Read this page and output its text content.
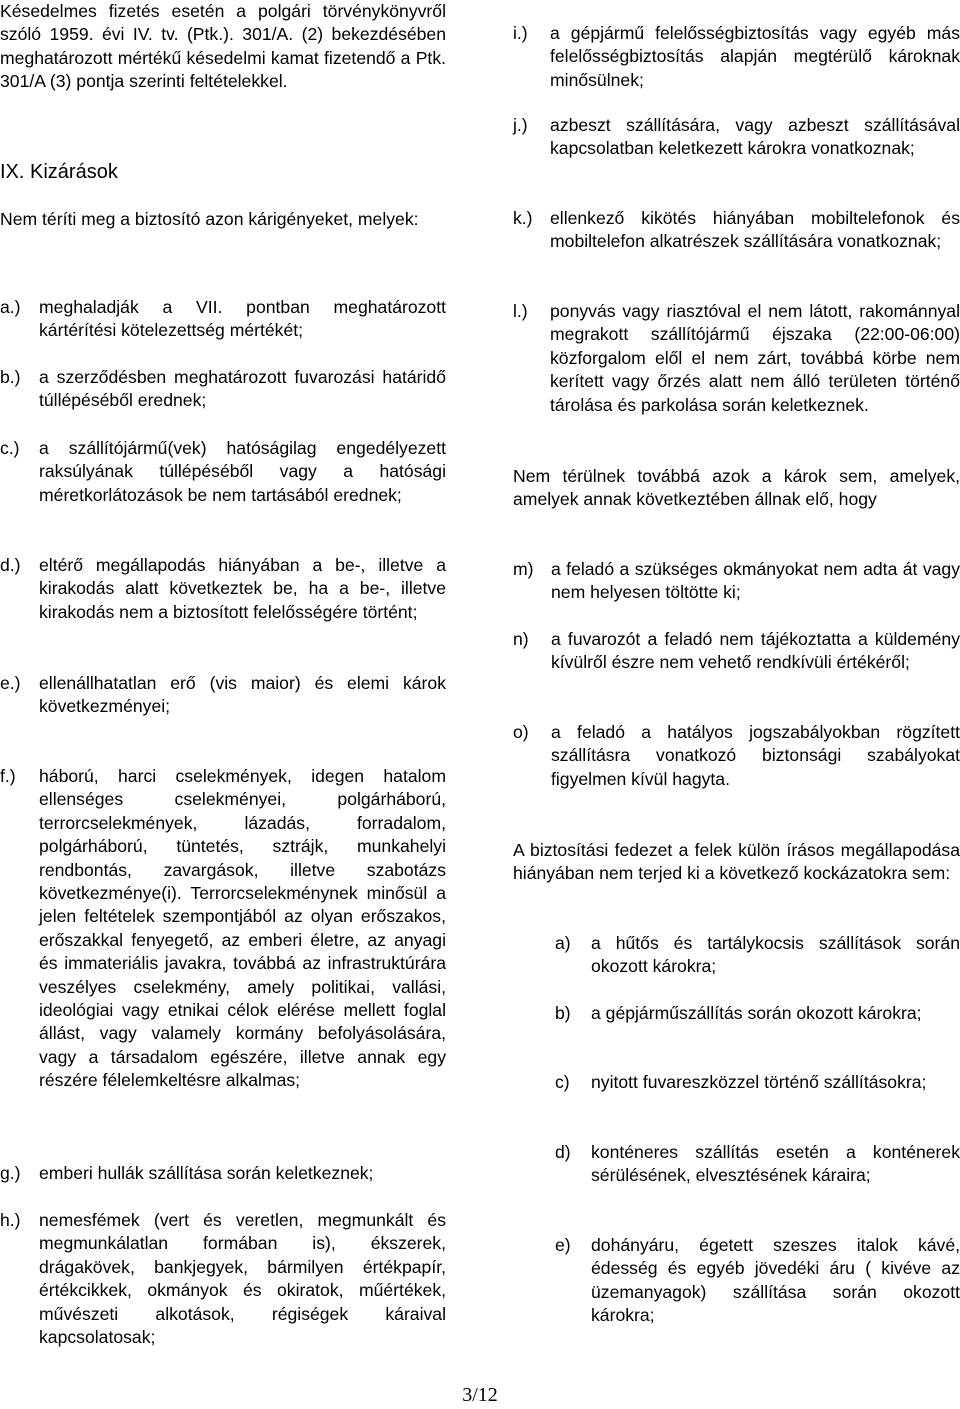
Késedelmes fizetés esetén a polgári törvénykönyvről szóló 1959. évi IV. tv. (Ptk.). 301/A. (2) bekezdésében meghatározott mértékű késedelmi kamat fizetendő a Ptk. 301/A (3) pontja szerinti feltételekkel.

IX. Kizárások

Nem téríti meg a biztosító azon kárigényeket, melyek:

a.)	meghaladják a VII. pontban meghatározott kártérítési kötelezettség mértékét;

b.)	a szerződésben meghatározott fuvarozási határidő túllépéséből erednek;

c.)	a szállítójármű(vek) hatóságilag engedélyezett raksúlyának túllépéséből vagy a hatósági méretkorlátozások be nem tartásából erednek;

d.)	eltérő megállapodás hiányában a be-, illetve a kirakodás alatt következtek be, ha a be-, illetve kirakodás nem a biztosított felelősségére történt;

e.)	ellenállhatatlan erő (vis maior) és elemi károk következményei;

f.)	háború, harci cselekmények, idegen hatalom ellenséges cselekményei, polgárháború, terrorcselekmények, lázadás, forradalom, polgárháború, tüntetés, sztrájk, munkahelyi rendbontás, zavargások, illetve szabotázs következménye(i). Terrorcselekménynek minősül a jelen feltételek szempontjából az olyan erőszakos, erőszakkal fenyegető, az emberi életre, az anyagi és immateriális javakra, továbbá az infrastruktúrára veszélyes cselekmény, amely politikai, vallási, ideológiai vagy etnikai célok elérése mellett foglal állást, vagy valamely kormány befolyásolására, vagy a társadalom egészére, illetve annak egy részére félelemkeltésre alkalmas;

g.)	emberi hullák szállítása során keletkeznek;

h.)	nemesfémek (vert és veretlen, megmunkált és megmunkálatlan formában is), ékszerek, drágakövek, bankjegyek, bármilyen értékpapír, értékcikkek, okmányok és okiratok, műértékek, művészeti alkotások, régiségek káraival kapcsolatosak;

i.)	a gépjármű felelősségbiztosítás vagy egyéb más felelősségbiztosítás alapján megtérülő károknak minősülnek;

j.)	azbeszt szállítására, vagy azbeszt szállításával kapcsolatban keletkezett károkra vonatkoznak;

k.) ellenkező kikötés hiányában mobiltelefonok és mobiltelefon alkatrészek szállítására vonatkoznak;

l.)	ponyvás vagy riasztóval el nem látott, rakománnyal megrakott szállítójármű éjszaka (22:00-06:00) közforgalom elől el nem zárt, továbbá körbe nem kerített vagy őrzés alatt nem álló területen történő tárolása és parkolása során keletkeznek.

Nem térülnek továbbá azok a károk sem, amelyek, amelyek annak következtében állnak elő, hogy

m) a feladó a szükséges okmányokat nem adta át vagy nem helyesen töltötte ki;

n)	a fuvarozót a feladó nem tájékoztatta a küldemény kívülről észre nem vehető rendkívüli értékéről;

o)	a feladó a hatályos jogszabályokban rögzített szállításra vonatkozó biztonsági szabályokat figyelmen kívül hagyta.

A biztosítási fedezet a felek külön írásos megállapodása hiányában nem terjed ki a következő kockázatokra sem:

a)	a hűtős és tartálykocsis szállítások során okozott károkra;

b)	a gépjárműszállítás során okozott károkra;

c)	nyitott fuvareszközzel történő szállításokra;

d)	konténeres szállítás esetén a konténerek sérülésének, elvesztésének káraira;

e)	dohányáru, égetett szeszes italok kávé, édesség és egyéb jövedéki áru ( kivéve az üzemanyagok) szállítása során okozott károkra;

3/12
